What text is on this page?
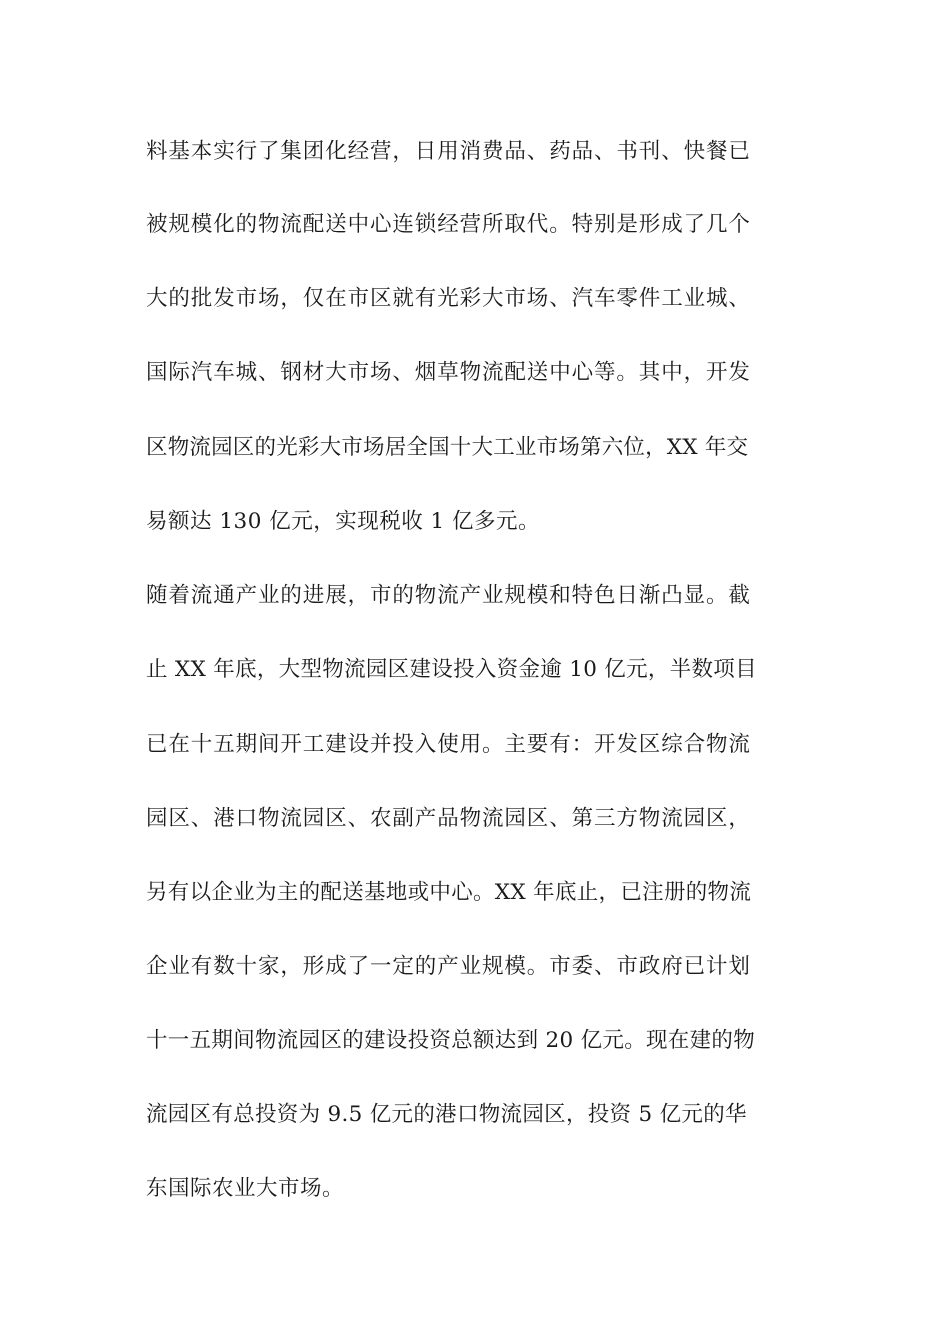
料基本实行了集团化经营，日用消费品、药品、书刊、快餐已
被规模化的物流配送中心连锁经营所取代。特别是形成了几个
大的批发市场，仅在市区就有光彩大市场、汽车零件工业城、
国际汽车城、钢材大市场、烟草物流配送中心等。其中，开发
区物流园区的光彩大市场居全国十大工业市场第六位，XX 年交
易额达 130 亿元，实现税收 1 亿多元。
随着流通产业的进展，市的物流产业规模和特色日渐凸显。截
止 XX 年底，大型物流园区建设投入资金逾 10 亿元，半数项目
已在十五期间开工建设并投入使用。主要有：开发区综合物流
园区、港口物流园区、农副产品物流园区、第三方物流园区，
另有以企业为主的配送基地或中心。XX 年底止，已注册的物流
企业有数十家，形成了一定的产业规模。市委、市政府已计划
十一五期间物流园区的建设投资总额达到 20 亿元。现在建的物
流园区有总投资为 9.5 亿元的港口物流园区，投资 5 亿元的华
东国际农业大市场。
